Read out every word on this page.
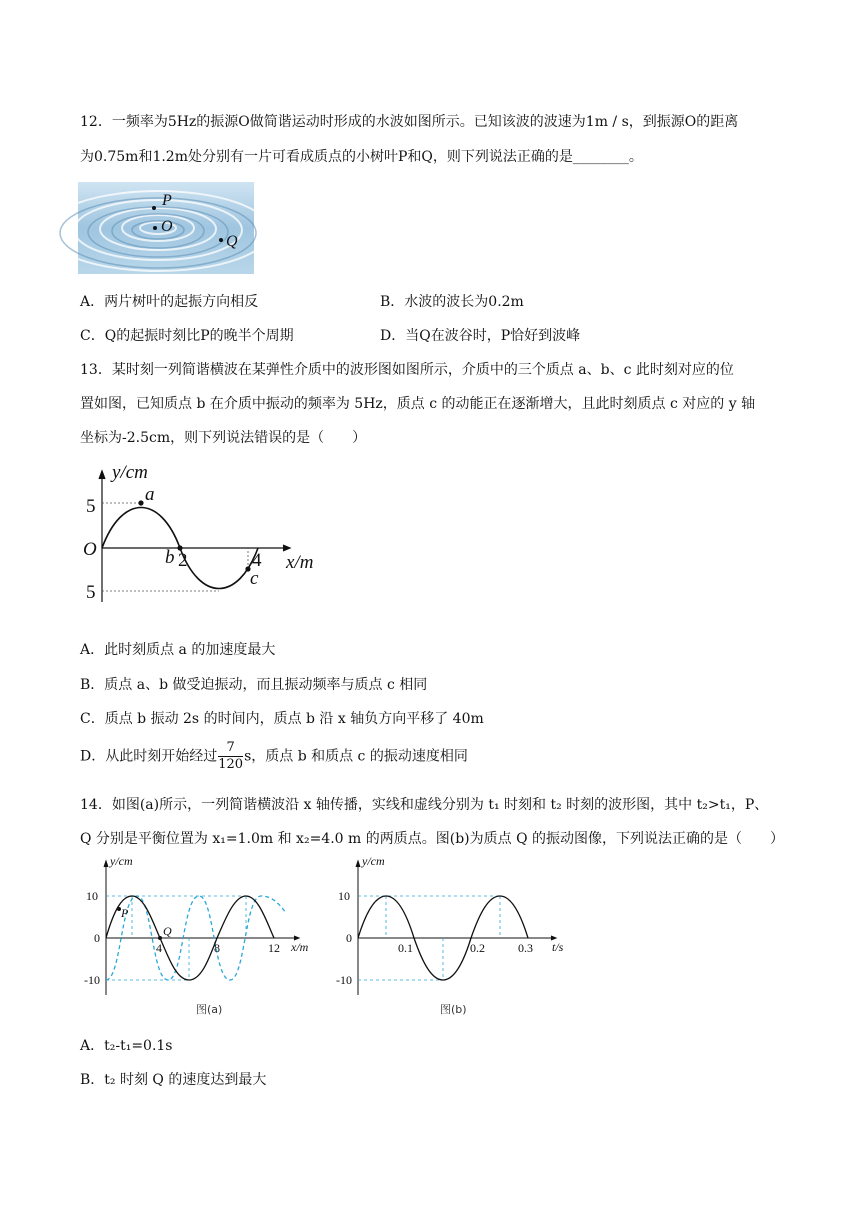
12．一频率为5Hz的振源O做简谐运动时形成的水波如图所示。已知该波的波速为1m / s，到振源O的距离
为0.75m和1.2m处分别有一片可看成质点的小树叶P和Q，则下列说法正确的是________。
P
O
Q
A．两片树叶的起振方向相反	B．水波的波长为0.2m
C．Q的起振时刻比P的晚半个周期	D．当Q在波谷时，P恰好到波峰
13．某时刻一列简谐横波在某弹性介质中的波形图如图所示，介质中的三个质点 a、b、c 此时刻对应的位
置如图，已知质点 b 在介质中振动的频率为 5Hz，质点 c 的动能正在逐渐增大，且此时刻质点 c 对应的 y 轴
坐标为-2.5cm，则下列说法错误的是（　　）
y/cm
x/m
O
5
5
2	4
a
b
c
A．此时刻质点 a 的加速度最大
B．质点 a、b 做受迫振动，而且振动频率与质点 c 相同
C．质点 b 振动 2s 的时间内，质点 b 沿 x 轴负方向平移了 40m
D．从此时刻开始经过 $\frac{7}{120}$ s，质点 b 和质点 c 的振动速度相同
14．如图(a)所示，一列简谐横波沿 x 轴传播，实线和虚线分别为 t₁ 时刻和 t₂ 时刻的波形图，其中 t₂>t₁，P、
Q 分别是平衡位置为 x₁=1.0m 和 x₂=4.0 m 的两质点。图(b)为质点 Q 的振动图像，下列说法正确的是（　　）
y/cm
x/m
10
0
-10
4	8	12
P
Q
图(a)
y/cm
t/s
10
0
-10
0.1	0.2	0.3
图(b)
A．t₂-t₁=0.1s
B．t₂ 时刻 Q 的速度达到最大
